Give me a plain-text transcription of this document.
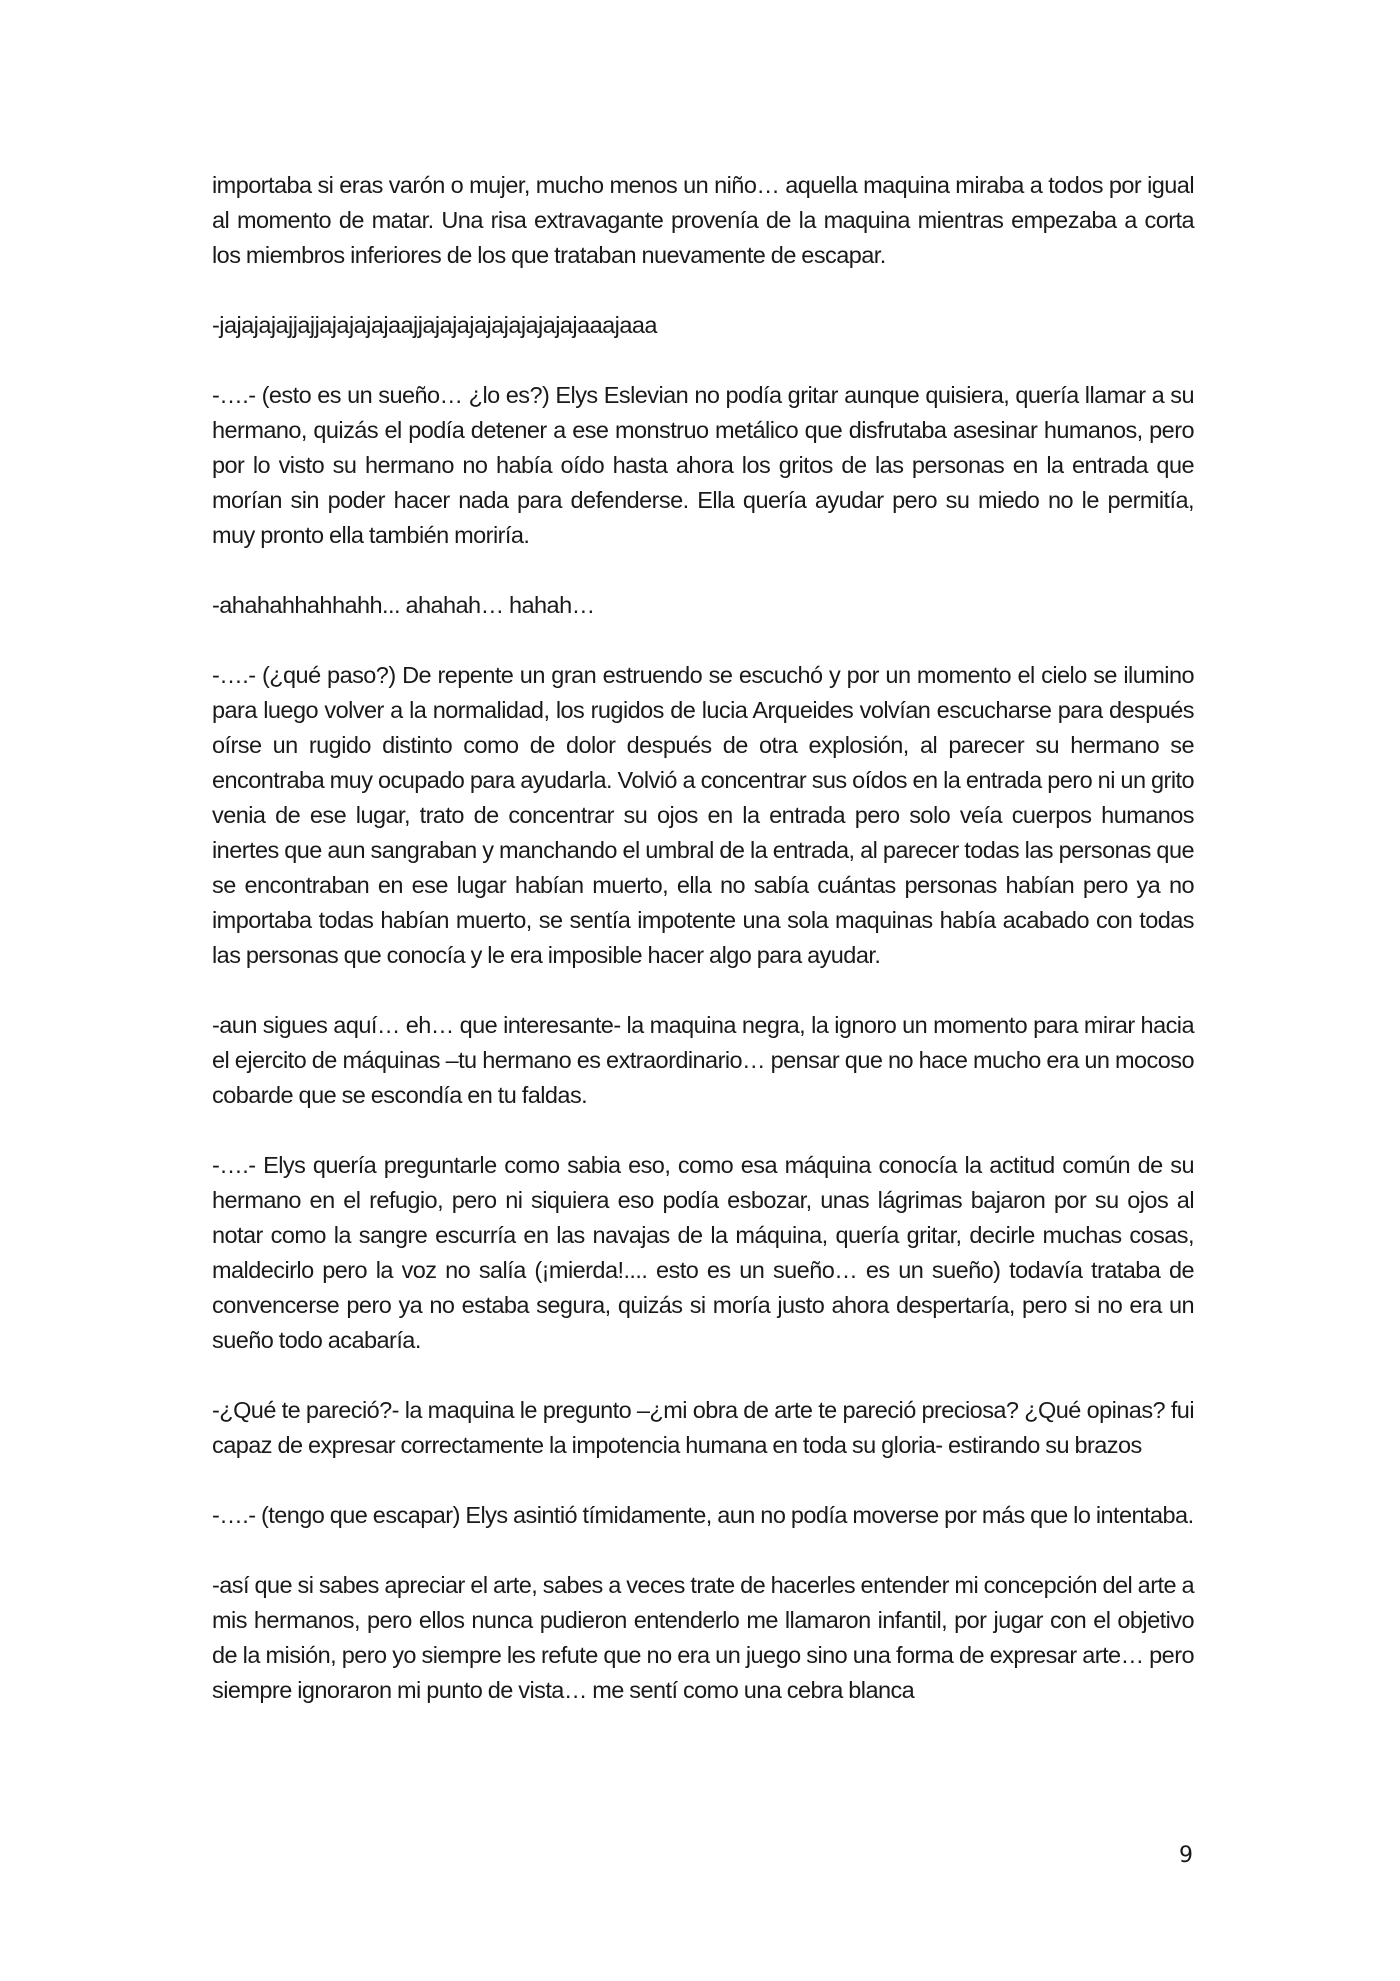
importaba si eras varón o mujer, mucho menos un niño… aquella maquina miraba a todos por igual al momento de matar. Una risa extravagante provenía de la maquina mientras empezaba a corta los miembros inferiores de los que trataban nuevamente de escapar.

-jajajajajjajjajajajajaajjajajajajajajajajajaaajaaa

-….- (esto es un sueño… ¿lo es?) Elys Eslevian no podía gritar aunque quisiera, quería llamar a su hermano, quizás el podía detener a ese monstruo metálico que disfrutaba asesinar humanos, pero por lo visto su hermano no había oído hasta ahora los gritos de las personas en la entrada que morían sin poder hacer nada para defenderse. Ella quería ayudar pero su miedo no le permitía, muy pronto ella también moriría.

-ahahahhahhahh... ahahah… hahah…

-….- (¿qué paso?) De repente un gran estruendo se escuchó y por un momento el cielo se ilumino para luego volver a la normalidad, los rugidos de lucia Arqueides volvían escucharse para después oírse un rugido distinto como de dolor después de otra explosión, al parecer su hermano se encontraba muy ocupado para ayudarla. Volvió a concentrar sus oídos en la entrada pero ni un grito venia de ese lugar, trato de concentrar su ojos en la entrada pero solo veía cuerpos humanos inertes que aun sangraban y manchando el umbral de la entrada, al parecer todas las personas que se encontraban en ese lugar habían muerto, ella no sabía cuántas personas habían pero ya no importaba todas habían muerto, se sentía impotente una sola maquinas había acabado con todas las personas que conocía y le era imposible hacer algo para ayudar.

-aun sigues aquí… eh… que interesante- la maquina negra, la ignoro un momento para mirar hacia el ejercito de máquinas –tu hermano es extraordinario… pensar que no hace mucho era un mocoso cobarde que se escondía en tu faldas.

-….- Elys quería preguntarle como sabia eso, como esa máquina conocía la actitud común de su hermano en el refugio, pero ni siquiera eso podía esbozar, unas lágrimas bajaron por su ojos al notar como la sangre escurría en las navajas de la máquina, quería gritar, decirle muchas cosas, maldecirlo pero la voz no salía (¡mierda!.... esto es un sueño… es un sueño) todavía trataba de convencerse pero ya no estaba segura, quizás si moría justo ahora despertaría, pero si no era un sueño todo acabaría.

-¿Qué te pareció?- la maquina le pregunto –¿mi obra de arte te pareció preciosa? ¿Qué opinas? fui capaz de expresar correctamente la impotencia humana en toda su gloria- estirando su brazos

-….- (tengo que escapar) Elys asintió tímidamente, aun no podía moverse por más que lo intentaba.

-así que si sabes apreciar el arte, sabes a veces trate de hacerles entender mi concepción del arte a mis hermanos, pero ellos nunca pudieron entenderlo me llamaron infantil, por jugar con el objetivo de la misión, pero yo siempre les refute que no era un juego sino una forma de expresar arte… pero siempre ignoraron mi punto de vista… me sentí como una cebra blanca

9
